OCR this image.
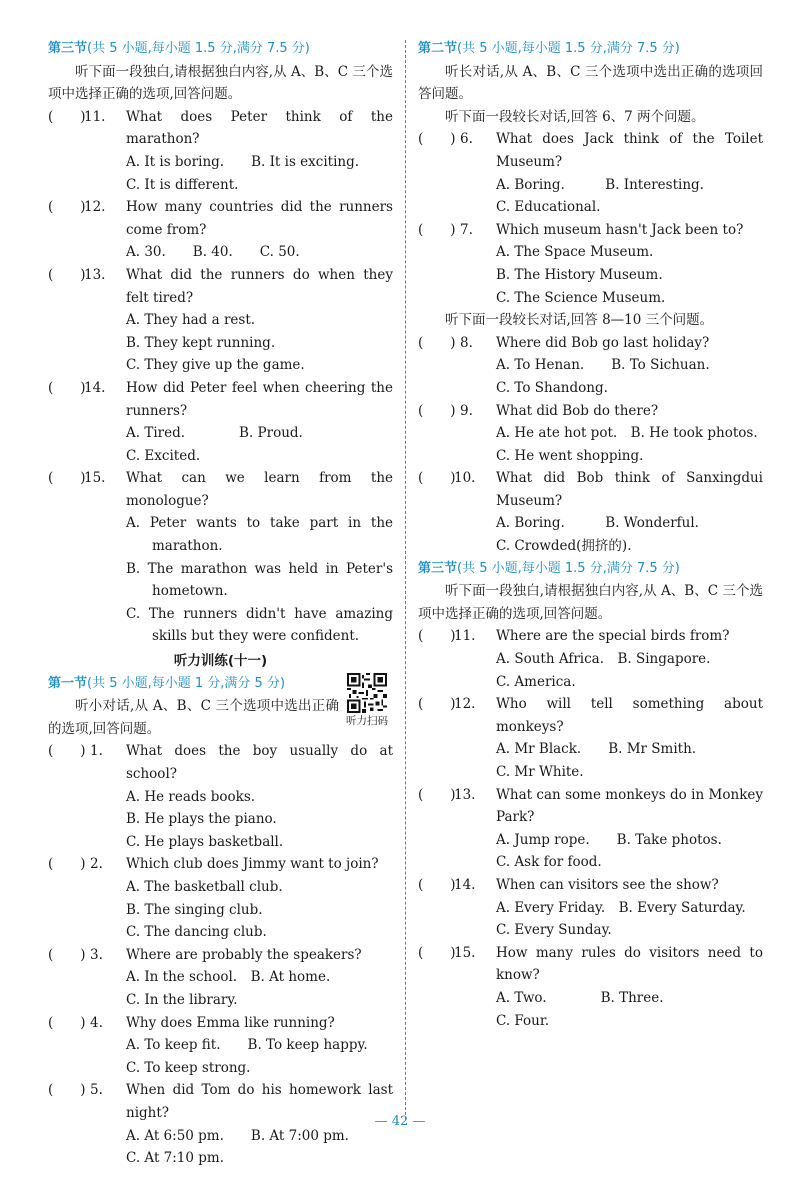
第三节(共 5 小题,每小题 1.5 分,满分 7.5 分)
听下面一段独白,请根据独白内容,从 A、B、C 三个选项中选择正确的选项,回答问题。
(　　)
11. What does Peter think of the marathon?
A. It is boring.　　B. It is exciting.
C. It is different.
(　　)
12. How many countries did the runners come from?
A. 30.　　B. 40.　　C. 50.
(　　)
13. What did the runners do when they felt tired?
A. They had a rest.
B. They kept running.
C. They give up the game.
(　　)
14. How did Peter feel when cheering the runners?
A. Tired.　　　　B. Proud.
C. Excited.
(　　)
15. What can we learn from the monologue?
A. Peter wants to take part in the marathon.
B. The marathon was held in Peter's hometown.
C. The runners didn't have amazing skills but they were confident.
听力训练(十一)
听力扫码
第一节(共 5 小题,每小题 1 分,满分 5 分)
听小对话,从 A、B、C 三个选项中选出正确的选项,回答问题。
(　　) 1. What does the boy usually do at school?
A. He reads books.
B. He plays the piano.
C. He plays basketball.
(　　) 2. Which club does Jimmy want to join?
A. The basketball club.
B. The singing club.
C. The dancing club.
(　　) 3. Where are probably the speakers?
A. In the school.　B. At home.
C. In the library.
(　　) 4. Why does Emma like running?
A. To keep fit.　　B. To keep happy.
C. To keep strong.
(　　) 5. When did Tom do his homework last night?
A. At 6:50 pm.　　B. At 7:00 pm.
C. At 7:10 pm.
第二节(共 5 小题,每小题 1.5 分,满分 7.5 分)
听长对话,从 A、B、C 三个选项中选出正确的选项回答问题。
听下面一段较长对话,回答 6、7 两个问题。
(　　) 6. What does Jack think of the Toilet Museum?
A. Boring.　　　B. Interesting.
C. Educational.
(　　) 7. Which museum hasn't Jack been to?
A. The Space Museum.
B. The History Museum.
C. The Science Museum.
听下面一段较长对话,回答 8—10 三个问题。
(　　) 8. Where did Bob go last holiday?
A. To Henan.　　B. To Sichuan.
C. To Shandong.
(　　) 9. What did Bob do there?
A. He ate hot pot.　B. He took photos.
C. He went shopping.
(　　)
10. What did Bob think of Sanxingdui Museum?
A. Boring.　　　B. Wonderful.
C. Crowded(拥挤的).
第三节(共 5 小题,每小题 1.5 分,满分 7.5 分)
听下面一段独白,请根据独白内容,从 A、B、C 三个选项中选择正确的选项,回答问题。
(　　)
11. Where are the special birds from?
A. South Africa.　B. Singapore.
C. America.
(　　)
12. Who will tell something about monkeys?
A. Mr Black.　　B. Mr Smith.
C. Mr White.
(　　)
13. What can some monkeys do in Monkey Park?
A. Jump rope.　　B. Take photos.
C. Ask for food.
(　　)
14. When can visitors see the show?
A. Every Friday.　B. Every Saturday.
C. Every Sunday.
(　　)
15. How many rules do visitors need to know?
A. Two.　　　　B. Three.
C. Four.
— 42 —
